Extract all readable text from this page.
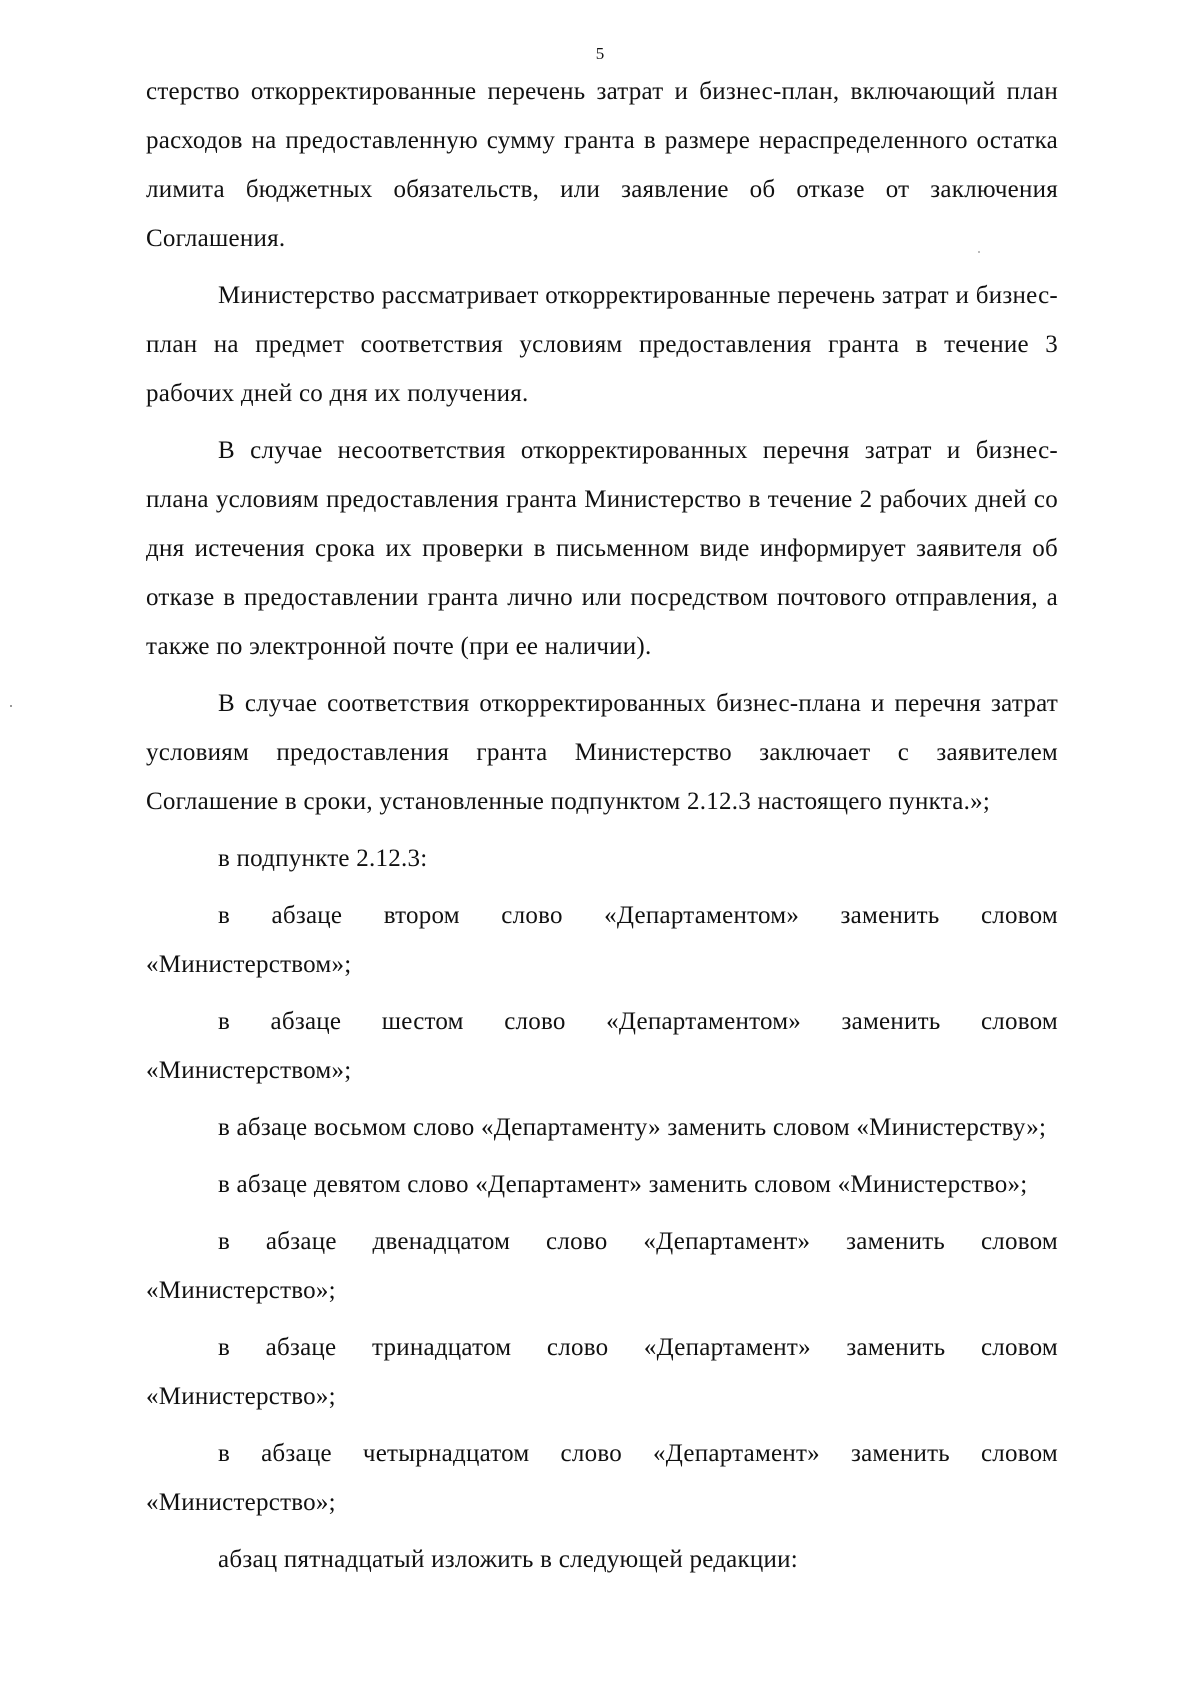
5

стерство откорректированные перечень затрат и бизнес-план, включающий план расходов на предоставленную сумму гранта в размере нераспределенного остатка лимита бюджетных обязательств, или заявление об отказе от заключения Соглашения.

Министерство рассматривает откорректированные перечень затрат и бизнес-план на предмет соответствия условиям предоставления гранта в течение 3 рабочих дней со дня их получения.

В случае несоответствия откорректированных перечня затрат и бизнес-плана условиям предоставления гранта Министерство в течение 2 рабочих дней со дня истечения срока их проверки в письменном виде информирует заявителя об отказе в предоставлении гранта лично или посредством почтового отправления, а также по электронной почте (при ее наличии).

В случае соответствия откорректированных бизнес-плана и перечня затрат условиям предоставления гранта Министерство заключает с заявителем Соглашение в сроки, установленные подпунктом 2.12.3 настоящего пункта.»;

в подпункте 2.12.3:

в абзаце втором слово «Департаментом» заменить словом «Министерством»;

в абзаце шестом слово «Департаментом» заменить словом «Министерством»;

в абзаце восьмом слово «Департаменту» заменить словом «Министерству»;

в абзаце девятом слово «Департамент» заменить словом «Министерство»;

в абзаце двенадцатом слово «Департамент» заменить словом «Министерство»;

в абзаце тринадцатом слово «Департамент» заменить словом «Министерство»;

в абзаце четырнадцатом слово «Департамент» заменить словом «Министерство»;

абзац пятнадцатый изложить в следующей редакции:
